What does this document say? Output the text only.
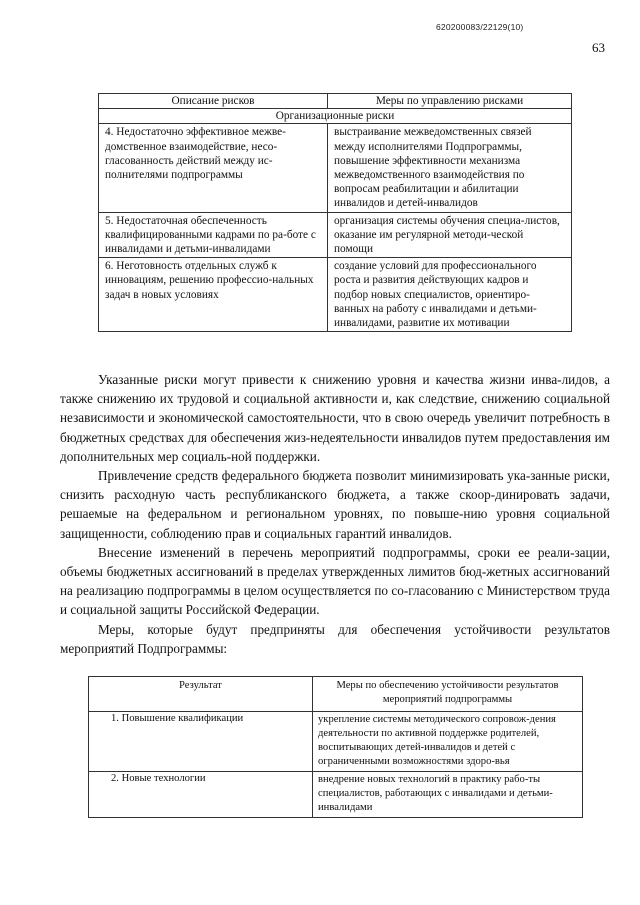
620200083/22129(10)
63
Описание рисков	Меры по управлению рисками
Организационные риски	
4. Недостаточно эффективное межве-домственное взаимодействие, несо-гласованность действий между ис-полнителями подпрограммы	выстраивание межведомственных связей между исполнителями Подпрограммы, повышение эффективности механизма межведомственного взаимодействия по вопросам реабилитации и абилитации инвалидов и детей-инвалидов
5. Недостаточная обеспеченность квалифицированными кадрами по ра-боте с инвалидами и детьми-инвалидами	организация системы обучения специа-листов, оказание им регулярной методи-ческой помощи
6. Неготовность отдельных служб к инновациям, решению профессио-нальных задач в новых условиях	создание условий для профессионального роста и развития действующих кадров и подбор новых специалистов, ориентиро-ванных на работу с инвалидами и детьми-инвалидами, развитие их мотивации

Указанные риски могут привести к снижению уровня и качества жизни инва-лидов, а также снижению их трудовой и социальной активности и, как следствие, снижению социальной независимости и экономической самостоятельности, что в свою очередь увеличит потребность в бюджетных средствах для обеспечения жиз-недеятельности инвалидов путем предоставления им дополнительных мер социаль-ной поддержки.

Привлечение средств федерального бюджета позволит минимизировать ука-занные риски, снизить расходную часть республиканского бюджета, а также скоор-динировать задачи, решаемые на федеральном и региональном уровнях, по повыше-нию уровня социальной защищенности, соблюдению прав и социальных гарантий инвалидов.

Внесение изменений в перечень мероприятий подпрограммы, сроки ее реали-зации, объемы бюджетных ассигнований в пределах утвержденных лимитов бюд-жетных ассигнований на реализацию подпрограммы в целом осуществляется по со-гласованию с Министерством труда и социальной защиты Российской Федерации.

Меры, которые будут предприняты для обеспечения устойчивости результатов мероприятий Подпрограммы:

Результат	Меры по обеспечению устойчивости результатов мероприятий подпрограммы
1. Повышение квалификации	укрепление системы методического сопровож-дения деятельности по активной поддержке родителей, воспитывающих детей-инвалидов и детей с ограниченными возможностями здоро-вья
2. Новые технологии	внедрение новых технологий в практику рабо-ты специалистов, работающих с инвалидами и детьми-инвалидами
